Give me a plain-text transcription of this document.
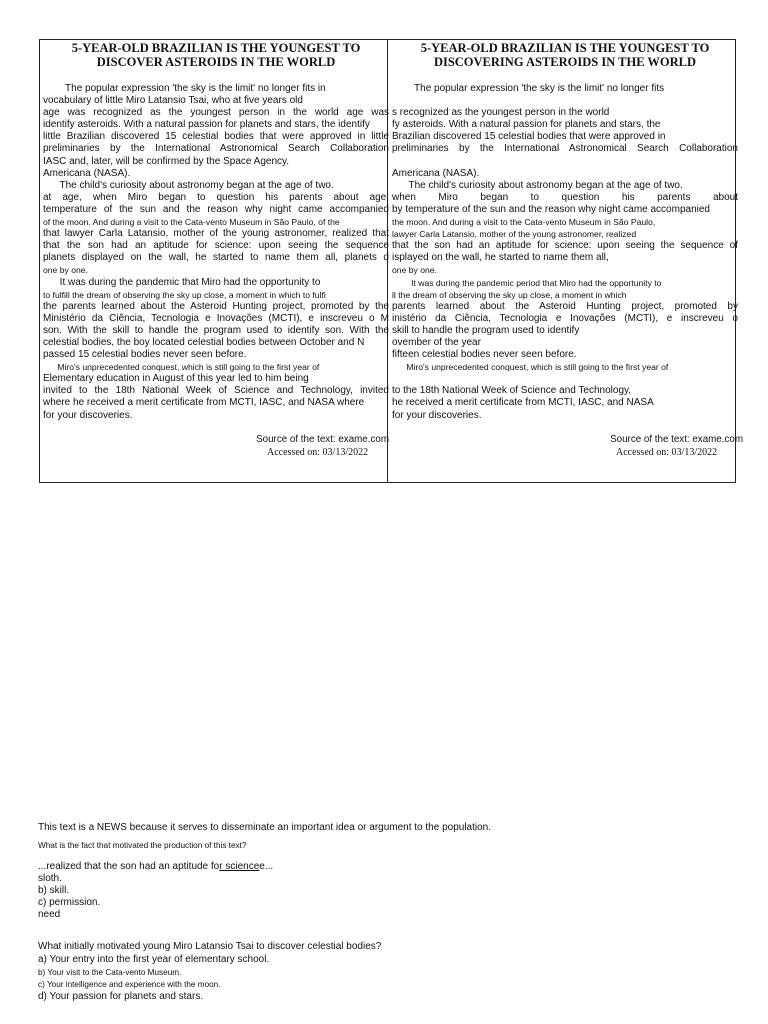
5-YEAR-OLD BRAZILIAN IS THE YOUNGEST TO
DISCOVER ASTEROIDS IN THE WORLD

The popular expression 'the sky is the limit' no longer fits in
vocabulary of little Miro Latansio Tsai, who at five years old
age was recognized as the youngest person in the world age was
identify asteroids. With a natural passion for planets and stars, the identify
little Brazilian discovered 15 celestial bodies that were approved in little
preliminaries by the International Astronomical Search Collaboration
IASC and, later, will be confirmed by the Space Agency.
Americana (NASA).
The child's curiosity about astronomy began at the age of two.
at age, when Miro began to question his parents about age,
temperature of the sun and the reason why night came accompanied
of the moon. And during a visit to the Cata-vento Museum in São Paulo, of the
that lawyer Carla Latansio, mother of the young astronomer, realized that
that the son had an aptitude for science: upon seeing the sequence
planets displayed on the wall, he started to name them all, planets d
one by one.
It was during the pandemic that Miro had the opportunity to
to fulfill the dream of observing the sky up close, a moment in which to fulfi
the parents learned about the Asteroid Hunting project, promoted by the
Ministério da Ciência, Tecnologia e Inovações (MCTI), e inscreveu o M
son. With the skill to handle the program used to identify son. With the
celestial bodies, the boy located celestial bodies between October and N
passed 15 celestial bodies never seen before.
Miro's unprecedented conquest, which is still going to the first year of
Elementary education in August of this year led to him being
invited to the 18th National Week of Science and Technology, invited
where he received a merit certificate from MCTI, IASC, and NASA where
for your discoveries.
Source of the text: exame.com
Accessed on: 03/13/2022

5-YEAR-OLD BRAZILIAN IS THE YOUNGEST TO
DISCOVERING ASTEROIDS IN THE WORLD

The popular expression 'the sky is the limit' no longer fits

s recognized as the youngest person in the world
fy asteroids. With a natural passion for planets and stars, the
Brazilian discovered 15 celestial bodies that were approved in
preliminaries by the International Astronomical Search Collaboration

Americana (NASA).
The child's curiosity about astronomy began at the age of two.
when Miro began to question his parents about
by temperature of the sun and the reason why night came accompanied
the moon. And during a visit to the Cata-vento Museum in São Paulo,
lawyer Carla Latansio, mother of the young astronomer, realized
that the son had an aptitude for science: upon seeing the sequence of
isplayed on the wall, he started to name them all,
one by one.
It was during the pandemic period that Miro had the opportunity to
ll the dream of observing the sky up close, a moment in which
parents learned about the Asteroid Hunting project, promoted by
inistério da Ciência, Tecnologia e Inovações (MCTI), e inscreveu o
skill to handle the program used to identify
ovember of the year
fifteen celestial bodies never seen before.
Miro's unprecedented conquest, which is still going to the first year of

to the 18th National Week of Science and Technology,
he received a merit certificate from MCTI, IASC, and NASA
for your discoveries.
Source of the text: exame.com
Accessed on: 03/13/2022
This text is a NEWS because it serves to disseminate an important idea or argument to the population.
What is the fact that motivated the production of this text?
...realized that the son had an aptitude for sciencee...
sloth.
b) skill.
c) permission.
need
What initially motivated young Miro Latansio Tsai to discover celestial bodies?
a) Your entry into the first year of elementary school.
b) Your visit to the Cata-vento Museum.
c) Your intelligence and experience with the moon.
d) Your passion for planets and stars.
